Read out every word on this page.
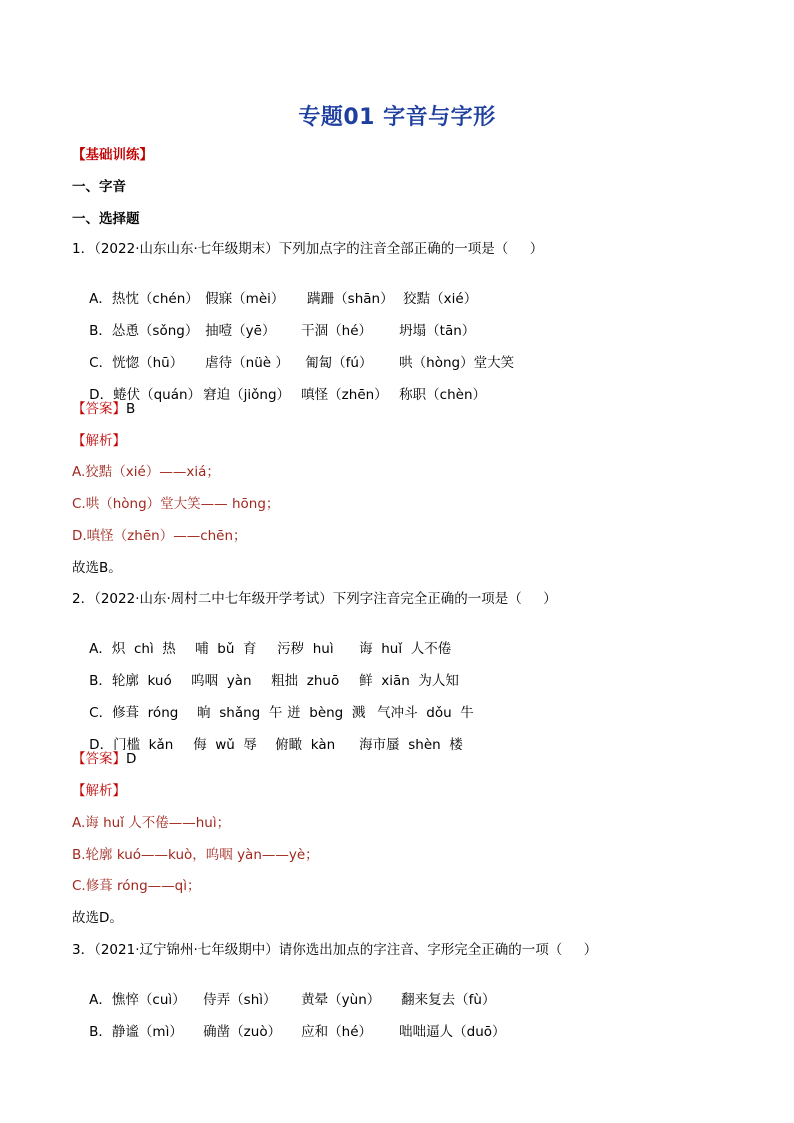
专题01 字音与字形
【基础训练】
一、字音
一、选择题
1．（2022·山东山东·七年级期末）下列加点字的注音全部正确的一项是（     ）

A．热忱（chén） 假寐（mèi） 蹒跚（shān） 狡黠（xié）

B．怂恿（sǒng） 抽噎（yē） 干涸（hé） 坍塌（tān）

C．恍惚（hū） 虐待（nüè ） 匍匐（fú） 哄（hòng）堂大笑

D．蜷伏（quán） 窘迫（jiǒng） 嗔怪（zhēn） 称职（chèn）

【答案】B
【解析】
A.狡黠（xié）——xiá；
C.哄（hòng）堂大笑—— hōng；
D.嗔怪（zhēn）——chēn；
故选B。
2．（2022·山东·周村二中七年级开学考试）下列字注音完全正确的一项是（     ）

A．炽  chì  热 哺  bǔ  育 污秽  huì 诲  huǐ  人不倦

B．轮廓  kuó 呜咽  yàn 粗拙  zhuō 鲜  xiān  为人知

C．修葺  róng 晌  shǎng  午 迸  bèng  溅 气冲斗  dǒu  牛

D．门槛  kǎn 侮  wǔ  辱 俯瞰  kàn 海市蜃  shèn  楼

【答案】D
【解析】
A.诲 huǐ 人不倦——huì；
B.轮廓 kuó——kuò，呜咽 yàn——yè；
C.修葺 róng——qì；
故选D。
3．（2021·辽宁锦州·七年级期中）请你选出加点的字注音、字形完全正确的一项（     ）

A．憔悴（cuì） 侍弄（shì） 黄晕（yùn） 翻来复去（fù）

B．静谧（mì） 确凿（zuò） 应和（hé） 咄咄逼人（duō）
